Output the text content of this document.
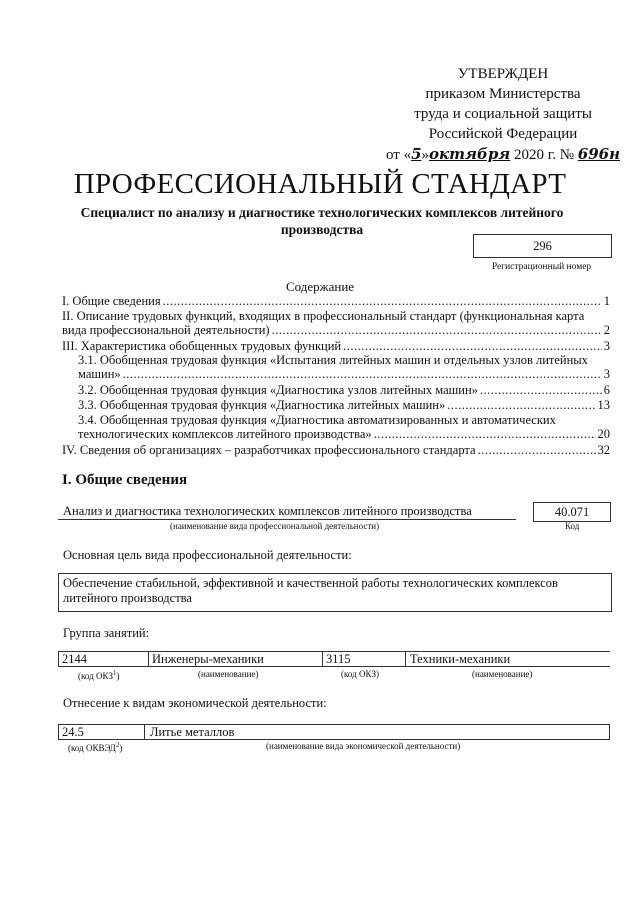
УТВЕРЖДЕН
приказом Министерства
труда и социальной защиты
Российской Федерации
от «5»октября 2020 г. № 696н
ПРОФЕССИОНАЛЬНЫЙ СТАНДАРТ
Специалист по анализу и диагностике технологических комплексов литейного производства
296
Регистрационный номер
Содержание
I. Общие сведения .....	1
II. Описание трудовых функций, входящих в профессиональный стандарт (функциональная карта
вида профессиональной деятельности) .....	2
III. Характеристика обобщенных трудовых функций .....	3
3.1. Обобщенная трудовая функция «Испытания литейных машин и отдельных узлов литейных
машин» .....	3
3.2. Обобщенная трудовая функция «Диагностика узлов литейных машин» .....	6
3.3. Обобщенная трудовая функция «Диагностика литейных машин» .....	13
3.4. Обобщенная трудовая функция «Диагностика автоматизированных и автоматических
технологических комплексов литейного производства» .....	20
IV. Сведения об организациях – разработчиках профессионального стандарта .....	32
I. Общие сведения
Анализ и диагностика технологических комплексов литейного производства
(наименование вида профессиональной деятельности)
40.071
Код
Основная цель вида профессиональной деятельности:
Обеспечение стабильной, эффективной и качественной работы технологических комплексов литейного производства
Группа занятий:
2144	Инженеры-механики	3115	Техники-механики
(код ОКЗ$^1$)	(наименование)	(код ОКЗ)	(наименование)
Отнесение к видам экономической деятельности:
24.5	Литье металлов
(код ОКВЭД$^2$)	(наименование вида экономической деятельности)
